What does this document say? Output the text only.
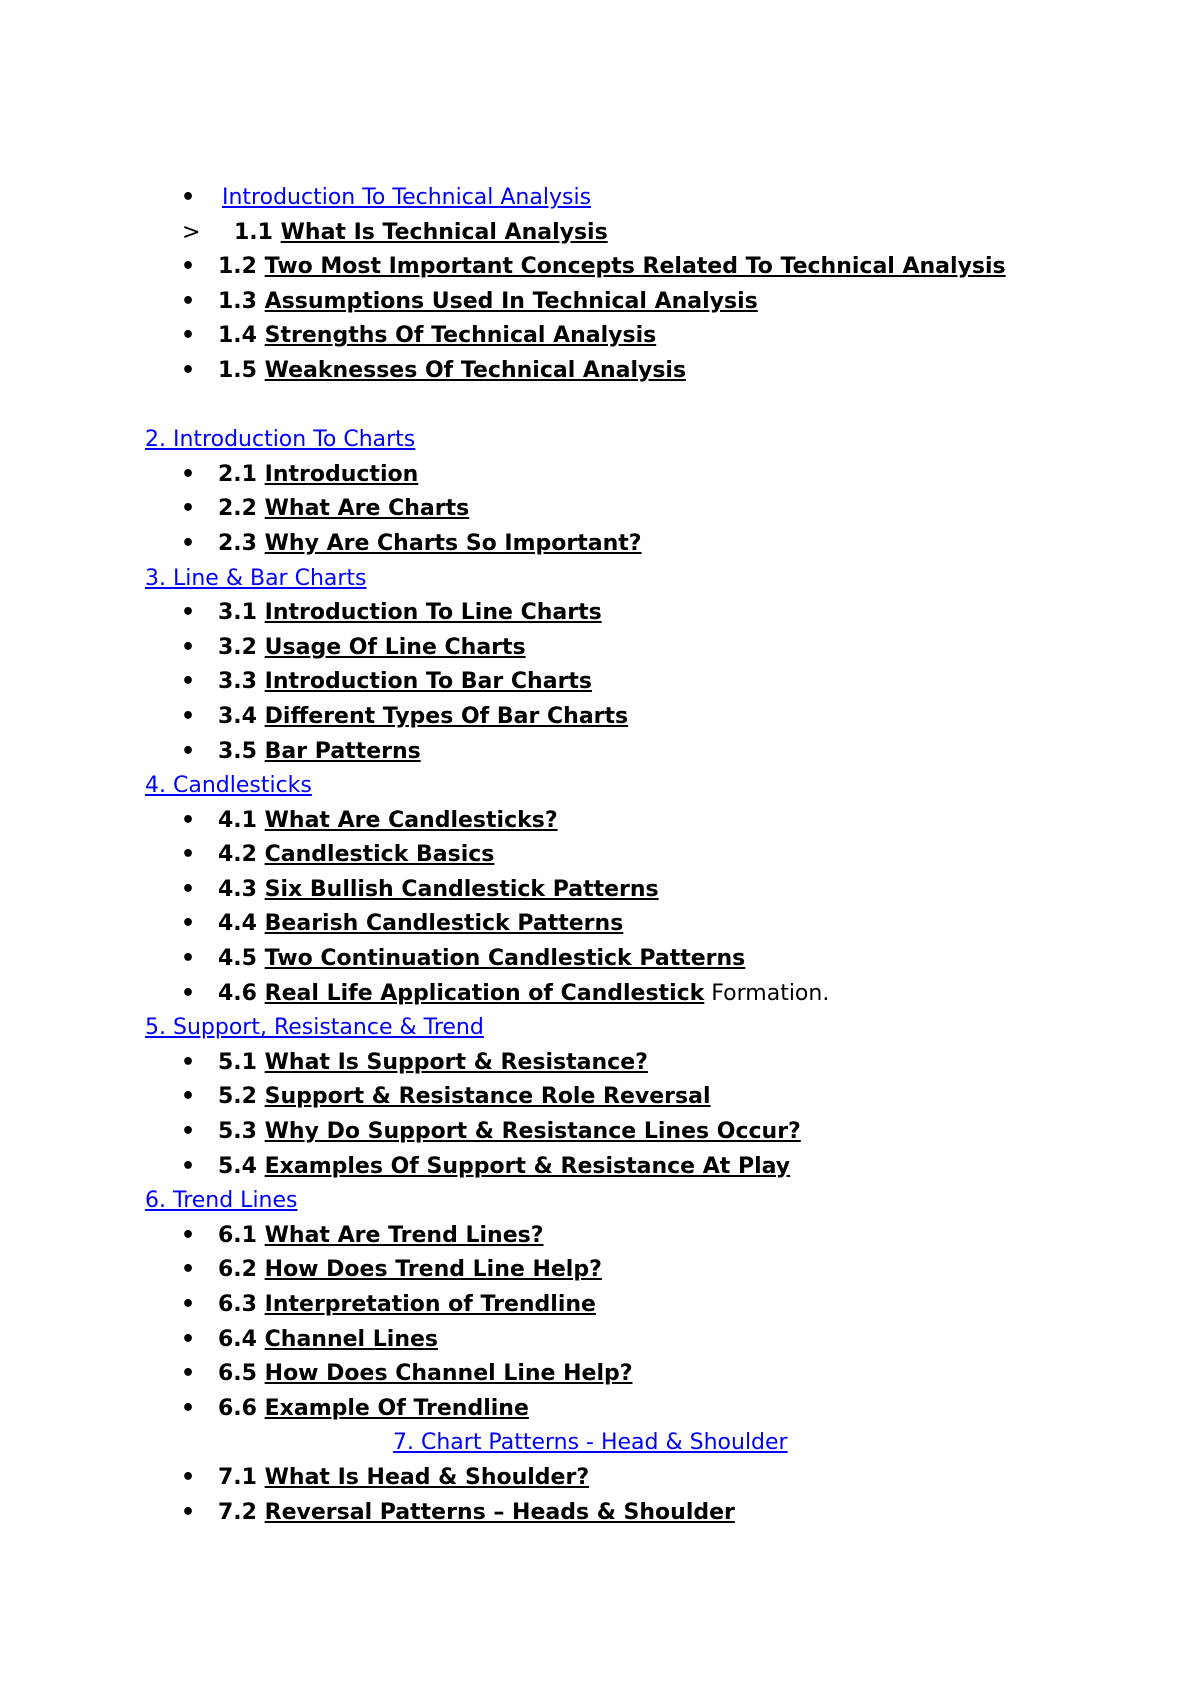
• Introduction To Technical Analysis
> 1.1 What Is Technical Analysis
• 1.2 Two Most Important Concepts Related To Technical Analysis
• 1.3 Assumptions Used In Technical Analysis
• 1.4 Strengths Of Technical Analysis
• 1.5 Weaknesses Of Technical Analysis
2. Introduction To Charts
• 2.1 Introduction
• 2.2 What Are Charts
• 2.3 Why Are Charts So Important?
3. Line & Bar Charts
• 3.1 Introduction To Line Charts
• 3.2 Usage Of Line Charts
• 3.3 Introduction To Bar Charts
• 3.4 Different Types Of Bar Charts
• 3.5 Bar Patterns
4. Candlesticks
• 4.1 What Are Candlesticks?
• 4.2 Candlestick Basics
• 4.3 Six Bullish Candlestick Patterns
• 4.4 Bearish Candlestick Patterns
• 4.5 Two Continuation Candlestick Patterns
• 4.6 Real Life Application of Candlestick Formation.
5. Support, Resistance & Trend
• 5.1 What Is Support & Resistance?
• 5.2 Support & Resistance Role Reversal
• 5.3 Why Do Support & Resistance Lines Occur?
• 5.4 Examples Of Support & Resistance At Play
6. Trend Lines
• 6.1 What Are Trend Lines?
• 6.2 How Does Trend Line Help?
• 6.3 Interpretation of Trendline
• 6.4 Channel Lines
• 6.5 How Does Channel Line Help?
• 6.6 Example Of Trendline
7. Chart Patterns - Head & Shoulder
• 7.1 What Is Head & Shoulder?
• 7.2 Reversal Patterns – Heads & Shoulder
